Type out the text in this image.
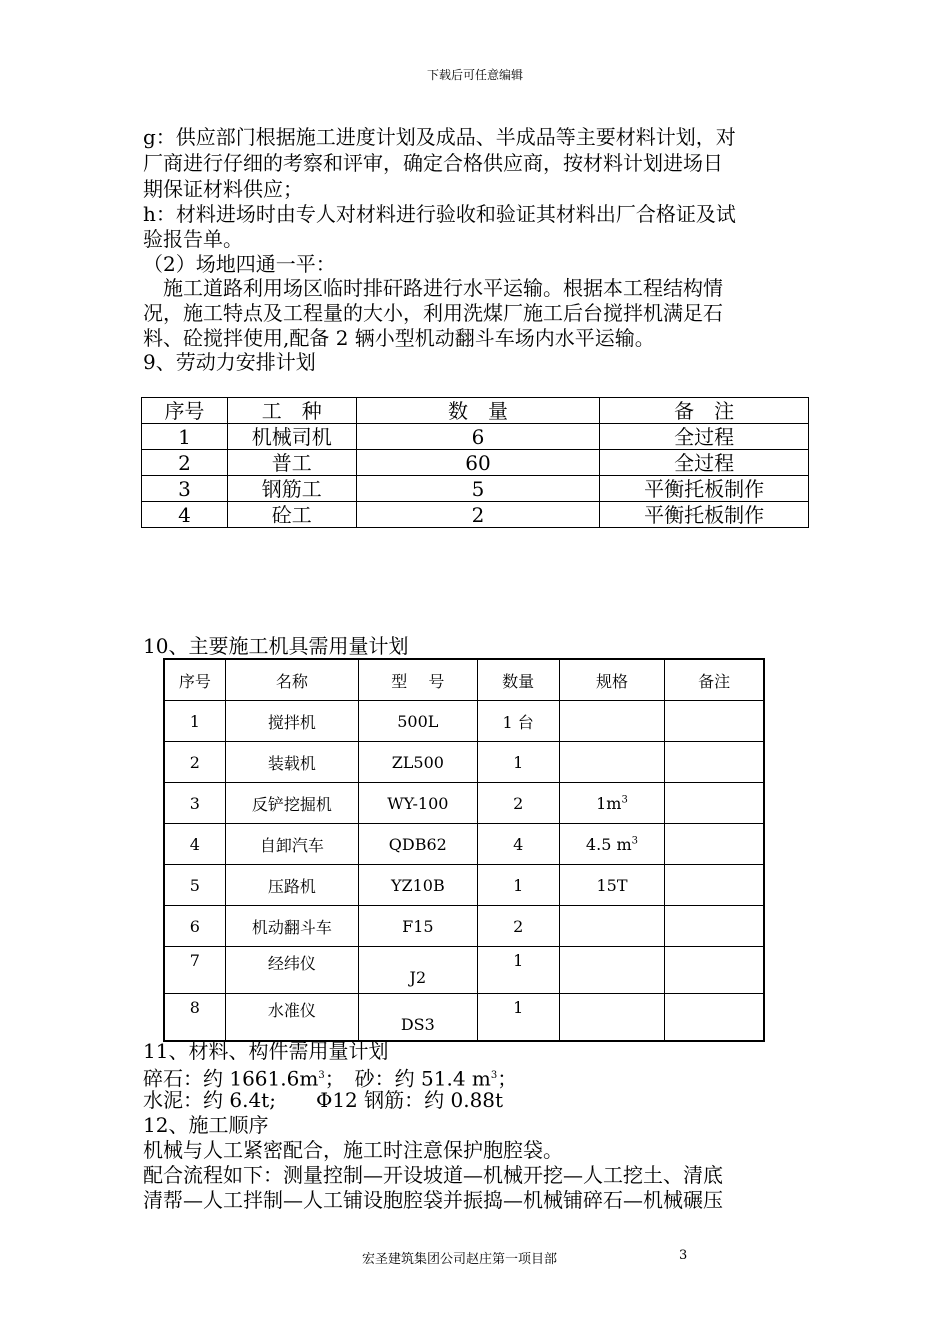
下载后可任意编辑
g：供应部门根据施工进度计划及成品、半成品等主要材料计划，对
厂商进行仔细的考察和评审，确定合格供应商，按材料计划进场日
期保证材料供应；
h：材料进场时由专人对材料进行验收和验证其材料出厂合格证及试
验报告单。
（2）场地四通一平：
　施工道路利用场区临时排矸路进行水平运输。根据本工程结构情
况，施工特点及工程量的大小，利用洗煤厂施工后台搅拌机满足石
料、砼搅拌使用,配备 2 辆小型机动翻斗车场内水平运输。
9、劳动力安排计划
序号	工　种	数　量	备　注
1	机械司机	6	全过程
2	普工	60	全过程
3	钢筋工	5	平衡托板制作
4	砼工	2	平衡托板制作
10、主要施工机具需用量计划
序号	名称	型　 号	数量	规格	备注
1	搅拌机	500L	1 台		
2	装载机	ZL500	1		
3	反铲挖掘机	WY-100	2	$1m^3$	
4	自卸汽车	QDB62	4	4.5 $m^3$	
5	压路机	YZ10B	1	15T	
6	机动翻斗车	F15	2		
7	经纬仪	J2	1		
8	水准仪	DS3	1		
11、材料、构件需用量计划
碎石：约 $1661.6m^3$；　砂：约 51.4 $m^3$；
水泥：约 6.4t;　　Φ12 钢筋：约 0.88t
12、施工顺序
机械与人工紧密配合，施工时注意保护胞腔袋。
配合流程如下：测量控制—开设坡道—机械开挖—人工挖土、清底
清帮—人工拌制—人工铺设胞腔袋并振捣—机械铺碎石—机械碾压
宏圣建筑集团公司赵庄第一项目部	3
